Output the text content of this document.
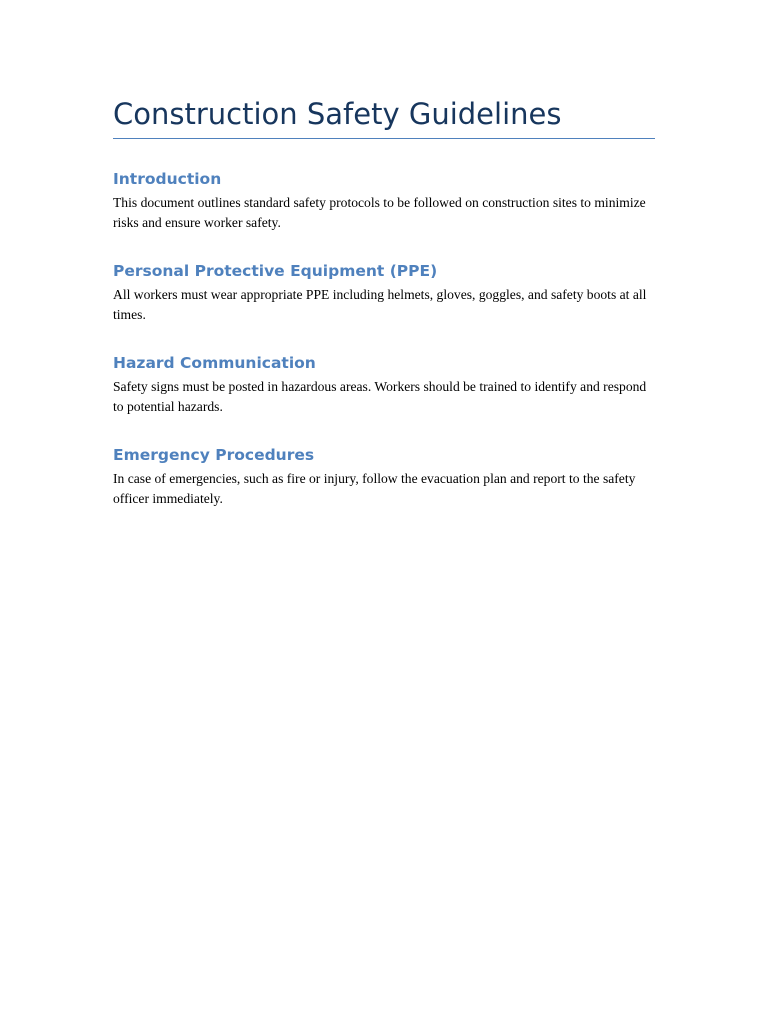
Construction Safety Guidelines
Introduction

This document outlines standard safety protocols to be followed on construction sites to minimize risks and ensure worker safety.

Personal Protective Equipment (PPE)

All workers must wear appropriate PPE including helmets, gloves, goggles, and safety boots at all times.

Hazard Communication

Safety signs must be posted in hazardous areas. Workers should be trained to identify and respond to potential hazards.

Emergency Procedures

In case of emergencies, such as fire or injury, follow the evacuation plan and report to the safety officer immediately.
